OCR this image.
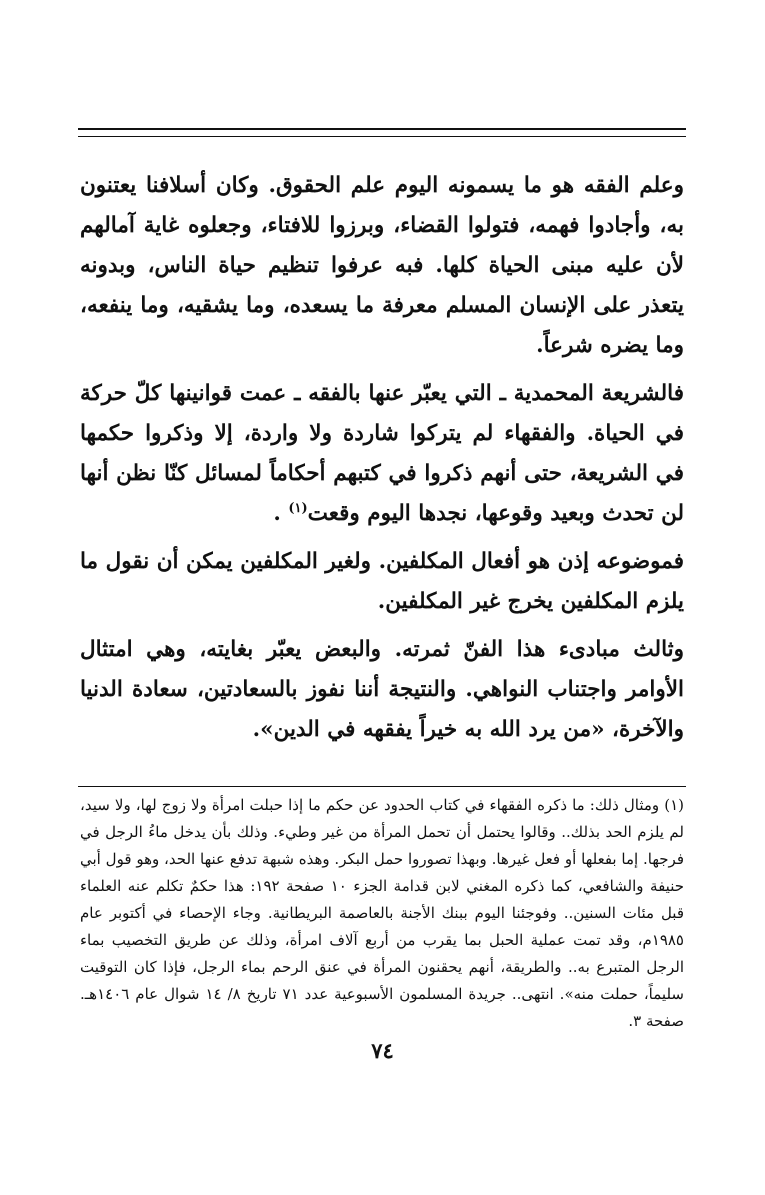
وعلم الفقه هو ما يسمونه اليوم علم الحقوق. وكان أسلافنا يعتنون به، وأجادوا فهمه، فتولوا القضاء، وبرزوا للافتاء، وجعلوه غاية آمالهم لأن عليه مبنى الحياة كلها. فبه عرفوا تنظيم حياة الناس، وبدونه يتعذر على الإنسان المسلم معرفة ما يسعده، وما يشقيه، وما ينفعه، وما يضره شرعاً.

فالشريعة المحمدية ـ التي يعبّر عنها بالفقه ـ عمت قوانينها كلّ حركة في الحياة. والفقهاء لم يتركوا شاردة ولا واردة، إلا وذكروا حكمها في الشريعة، حتى أنهم ذكروا في كتبهم أحكاماً لمسائل كنّا نظن أنها لن تحدث وبعيد وقوعها، نجدها اليوم وقعت$^{(١)}$ .

فموضوعه إذن هو أفعال المكلفين. ولغير المكلفين يمكن أن نقول ما يلزم المكلفين يخرج غير المكلفين.

وثالث مبادىء هذا الفنّ ثمرته. والبعض يعبّر بغايته، وهي امتثال الأوامر واجتناب النواهي. والنتيجة أننا نفوز بالسعادتين، سعادة الدنيا والآخرة، «من يرد الله به خيراً يفقهه في الدين».

(١) ومثال ذلك: ما ذكره الفقهاء في كتاب الحدود عن حكم ما إذا حبلت امرأة ولا زوج لها، ولا سيد، لم يلزم الحد بذلك.. وقالوا يحتمل أن تحمل المرأة من غير وطيء. وذلك بأن يدخل ماءُ الرجل في فرجها. إما بفعلها أو فعل غيرها. وبهذا تصوروا حمل البكر. وهذه شبهة تدفع عنها الحد، وهو قول أبي حنيفة والشافعي، كما ذكره المغني لابن قدامة الجزء ١٠ صفحة ١٩٢: هذا حكمٌ تكلم عنه العلماء قبل مئات السنين.. وفوجئنا اليوم ببنك الأجنة بالعاصمة البريطانية. وجاء الإحصاء في أكتوبر عام ١٩٨٥م، وقد تمت عملية الحبل بما يقرب من أربع آلاف امرأة، وذلك عن طريق التخصيب بماء الرجل المتبرع به.. والطريقة، أنهم يحقنون المرأة في عنق الرحم بماء الرجل، فإذا كان التوقيت سليماً، حملت منه». انتهى.. جريدة المسلمون الأسبوعية عدد ٧١ تاريخ ٨/ ١٤ شوال عام ١٤٠٦هـ. صفحة ٣.
٧٤
